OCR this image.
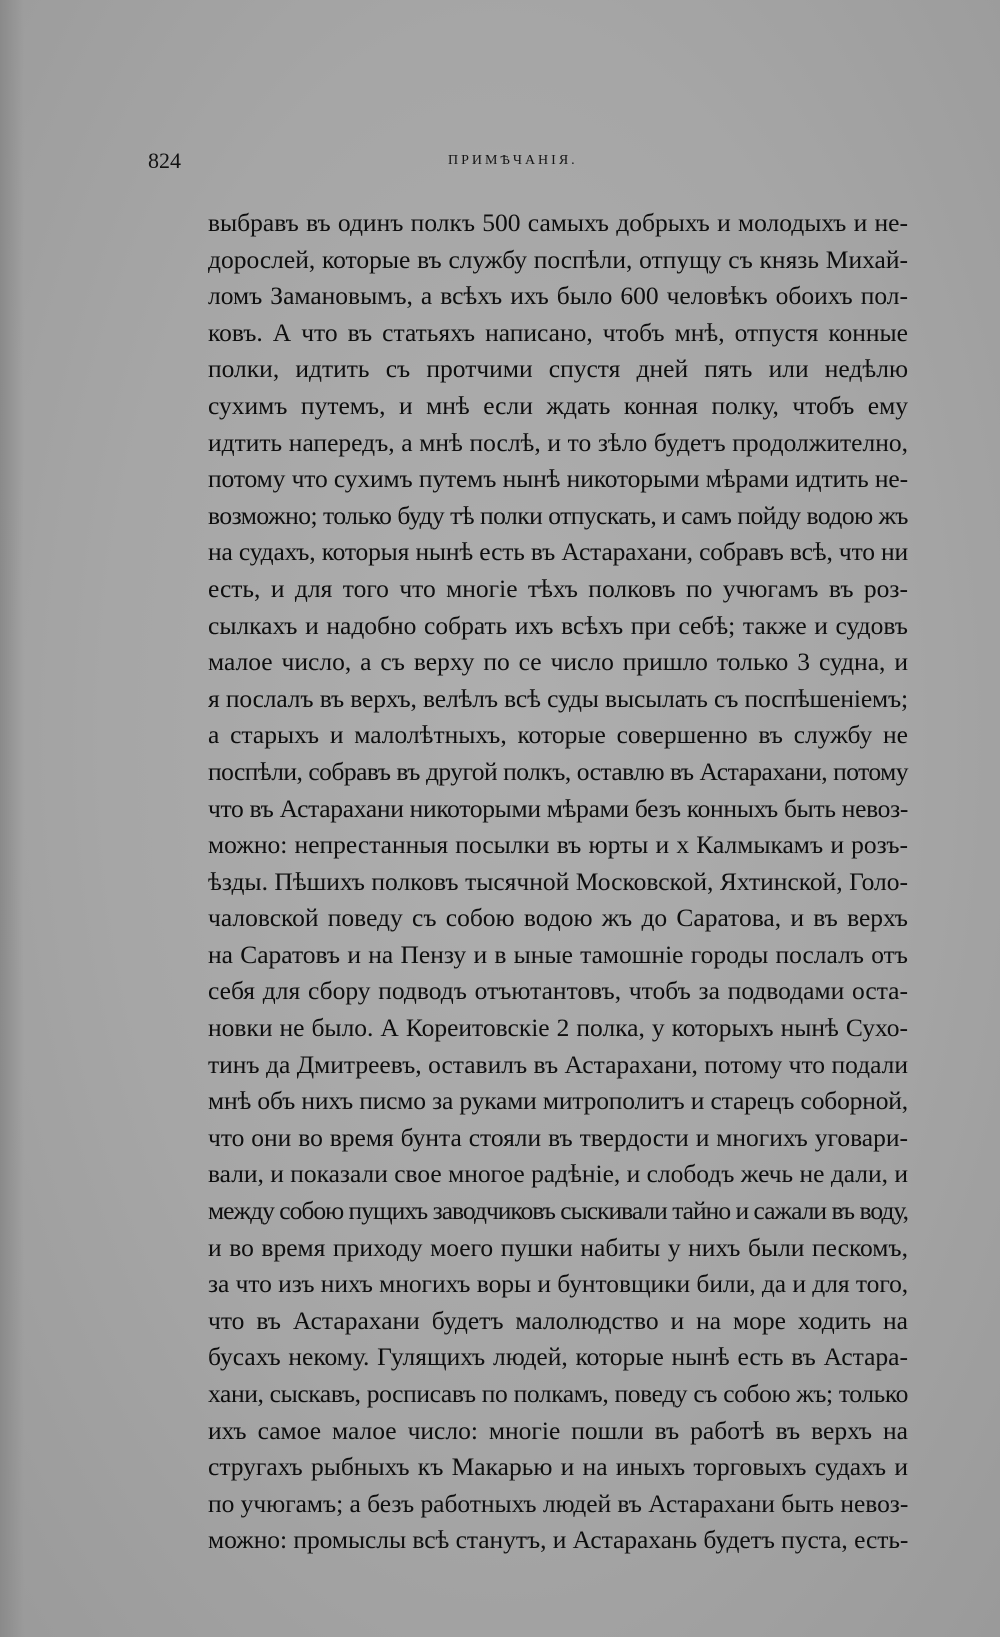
824	ПРИМѢЧАНІЯ.
выбравъ въ одинъ полкъ 500 самыхъ добрыхъ и молодыхъ и не-
дорослей, которые въ службу поспѣли, отпущу съ князь Михай-
ломъ Замановымъ, а всѣхъ ихъ было 600 человѣкъ обоихъ пол-
ковъ. А что въ статьяхъ написано, чтобъ мнѣ, отпустя конные
полки, идтить съ протчими спустя дней пять или недѣлю
сухимъ путемъ, и мнѣ если ждать конная полку, чтобъ ему
идтить напередъ, а мнѣ послѣ, и то зѣло будетъ продолжително,
потому что сухимъ путемъ нынѣ никоторыми мѣрами идтить не-
возможно; только буду тѣ полки отпускать, и самъ пойду водою жъ
на судахъ, которыя нынѣ есть въ Астарахани, собравъ всѣ, что ни
есть, и для того что многіе тѣхъ полковъ по учюгамъ въ роз-
сылкахъ и надобно собрать ихъ всѣхъ при себѣ; также и судовъ
малое число, а съ верху по се число пришло только 3 судна, и
я послалъ въ верхъ, велѣлъ всѣ суды высылать съ поспѣшеніемъ;
а старыхъ и малолѣтныхъ, которые совершенно въ службу не
поспѣли, собравъ въ другой полкъ, оставлю въ Астарахани, потому
что въ Астарахани никоторыми мѣрами безъ конныхъ быть невоз-
можно: непрестанныя посылки въ юрты и х Калмыкамъ и розъ-
ѣзды. Пѣшихъ полковъ тысячной Московской, Яхтинской, Голо-
чаловской поведу съ собою водою жъ до Саратова, и въ верхъ
на Саратовъ и на Пензу и в ыные тамошніе городы послалъ отъ
себя для сбору подводъ отъютантовъ, чтобъ за подводами оста-
новки не было. А Кореитовскіе 2 полка, у которыхъ нынѣ Сухо-
тинъ да Дмитреевъ, оставилъ въ Астарахани, потому что подали
мнѣ объ нихъ писмо за руками митрополитъ и старецъ соборной,
что они во время бунта стояли въ твердости и многихъ уговари-
вали, и показали свое многое радѣніе, и слободъ жечь не дали, и
между собою пущихъ заводчиковъ сыскивали тайно и сажали въ воду,
и во время приходу моего пушки набиты у нихъ были пескомъ,
за что изъ нихъ многихъ воры и бунтовщики били, да и для того,
что въ Астарахани будетъ малолюдство и на море ходить на
бусахъ некому. Гулящихъ людей, которые нынѣ есть въ Астара-
хани, сыскавъ, росписавъ по полкамъ, поведу съ собою жъ; только
ихъ самое малое число: многіе пошли въ работѣ въ верхъ на
стругахъ рыбныхъ къ Макарью и на иныхъ торговыхъ судахъ и
по учюгамъ; а безъ работныхъ людей въ Астарахани быть невоз-
можно: промыслы всѣ станутъ, и Астарахань будетъ пуста, есть-
